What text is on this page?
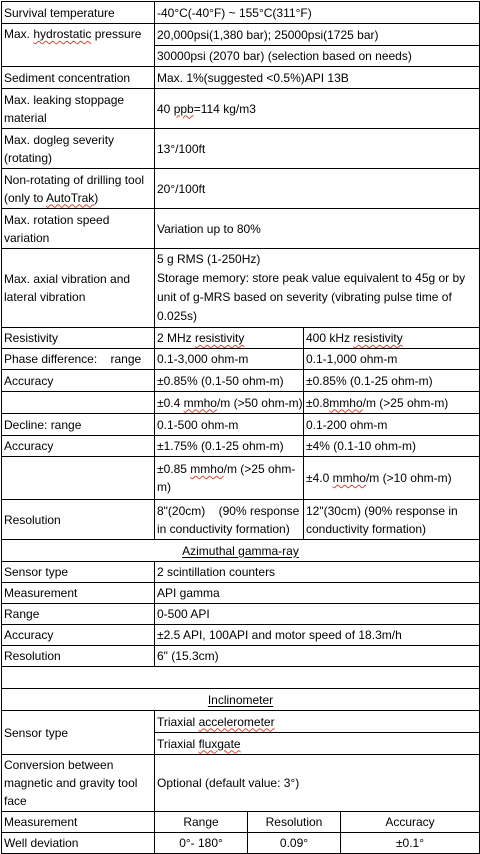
Survival temperature	-40°C(-40°F) ~ 155°C(311°F)			
Max. hydrostatic pressure	20,000psi(1,380 bar); 25000psi(1725 bar)			
	30000psi (2070 bar) (selection based on needs)			
Sediment concentration	Max. 1%(suggested <0.5%)API 13B			
Max. leaking stoppage material	40 ppb=114 kg/m3			
Max. dogleg severity (rotating)	13°/100ft			
Non-rotating of drilling tool (only to AutoTrak)	20°/100ft			
Max. rotation speed variation	Variation up to 80%			
Max. axial vibration and lateral vibration	5 g RMS (1-250Hz)
Storage memory: store peak value equivalent to 45g or by unit of g-MRS based on severity (vibrating pulse time of 0.025s)			

Resistivity	2 MHz resistivity		400 kHz resistivity	
Phase difference:    range	0.1-3,000 ohm-m		0.1-1,000 ohm-m	
Accuracy	±0.85% (0.1-50 ohm-m)		±0.85% (0.1-25 ohm-m)	
	±0.4 mmho/m (>50 ohm-m)		±0.8mmho/m (>25 ohm-m)	
Decline: range	0.1-500 ohm-m		0.1-200 ohm-m	
Accuracy	±1.75% (0.1-25 ohm-m)		±4% (0.1-10 ohm-m)	
	±0.85 mmho/m (>25 ohm-m)		±4.0 mmho/m (>10 ohm-m)	
Resolution	8"(20cm)    (90% response in conductivity formation)		12"(30cm) (90% response in conductivity formation)	
Azimuthal gamma-ray				
Sensor type	2 scintillation counters			
Measurement	API gamma			
Range	0-500 API			
Accuracy	±2.5 API, 100API and motor speed of 18.3m/h			
Resolution	6" (15.3cm)			

Inclinometer				
Sensor type	Triaxial accelerometer			
	Triaxial fluxgate			
Conversion between magnetic and gravity tool face	Optional (default value: 3°)			
Measurement	Range	Resolution		Accuracy
Well deviation	0°- 180°	0.09°		±0.1°
